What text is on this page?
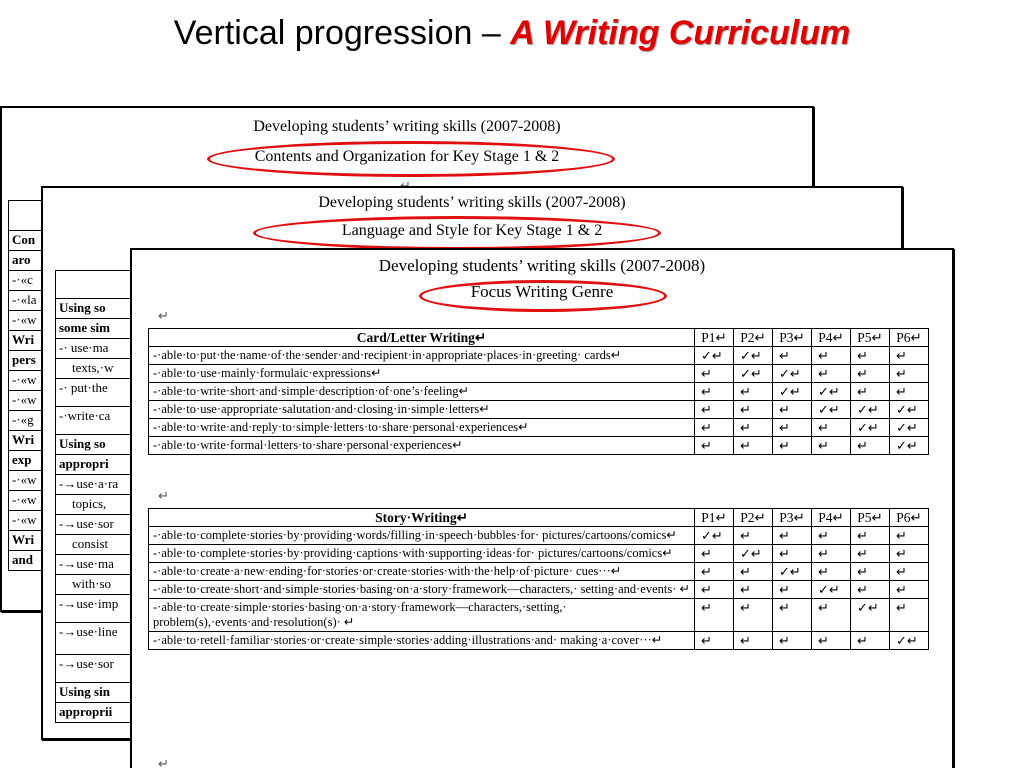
Vertical progression – A Writing Curriculum
Developing students’ writing skills (2007-2008)
Contents and Organization for Key Stage 1 & 2

Con
aro
-·«c
-·«la
-·«w
Wri
pers
-·«w
-·«w
-·«g
Wri
exp
-·«w
-·«w
-·«w
Wri
and
Developing students’ writing skills (2007-2008)
Language and Style for Key Stage 1 & 2

Using so
some sim
-· use·ma
texts,·w
-· put·the
-·write·ca
Using so
appropri
-→use·a·ra
topics,
-→use·sor
consist
-→use·ma
with·so
-→use·imp
-→use·line
-→use·sor
Using sin
approprii
Developing students’ writing skills (2007-2008)
Focus Writing Genre
↵
Card/Letter Writing↵	P1↵	P2↵	P3↵	P4↵	P5↵	P6↵
-·able·to·put·the·name·of·the·sender·and·recipient·in·appropriate·places·in·greeting· cards↵	✓↵	✓↵	↵	↵	↵	↵
-·able·to·use·mainly·formulaic·expressions↵	↵	✓↵	✓↵	↵	↵	↵
-·able·to·write·short·and·simple·description·of·one’s·feeling↵	↵	↵	✓↵	✓↵	↵	↵
-·able·to·use·appropriate·salutation·and·closing·in·simple·letters↵	↵	↵	↵	✓↵	✓↵	✓↵
-·able·to·write·and·reply·to·simple·letters·to·share·personal·experiences↵	↵	↵	↵	↵	✓↵	✓↵
-·able·to·write·formal·letters·to·share·personal·experiences↵	↵	↵	↵	↵	↵	✓↵
↵
Story·Writing↵	P1↵	P2↵	P3↵	P4↵	P5↵	P6↵
-·able·to·complete·stories·by·providing·words/filling·in·speech·bubbles·for· pictures/cartoons/comics↵	✓↵	↵	↵	↵	↵	↵
-·able·to·complete·stories·by·providing·captions·with·supporting·ideas·for· pictures/cartoons/comics↵	↵	✓↵	↵	↵	↵	↵
-·able·to·create·a·new·ending·for·stories·or·create·stories·with·the·help·of·picture· cues···↵	↵	↵	✓↵	↵	↵	↵
-·able·to·create·short·and·simple·stories·basing·on·a·story·framework—characters,· setting·and·events· ↵	↵	↵	↵	✓↵	↵	↵
-·able·to·create·simple·stories·basing·on·a·story·framework—characters,·setting,· problem(s),·events·and·resolution(s)· ↵	↵	↵	↵	↵	✓↵	↵
-·able·to·retell·familiar·stories·or·create·simple·stories·adding·illustrations·and· making·a·cover···↵	↵	↵	↵	↵	↵	✓↵
↵
